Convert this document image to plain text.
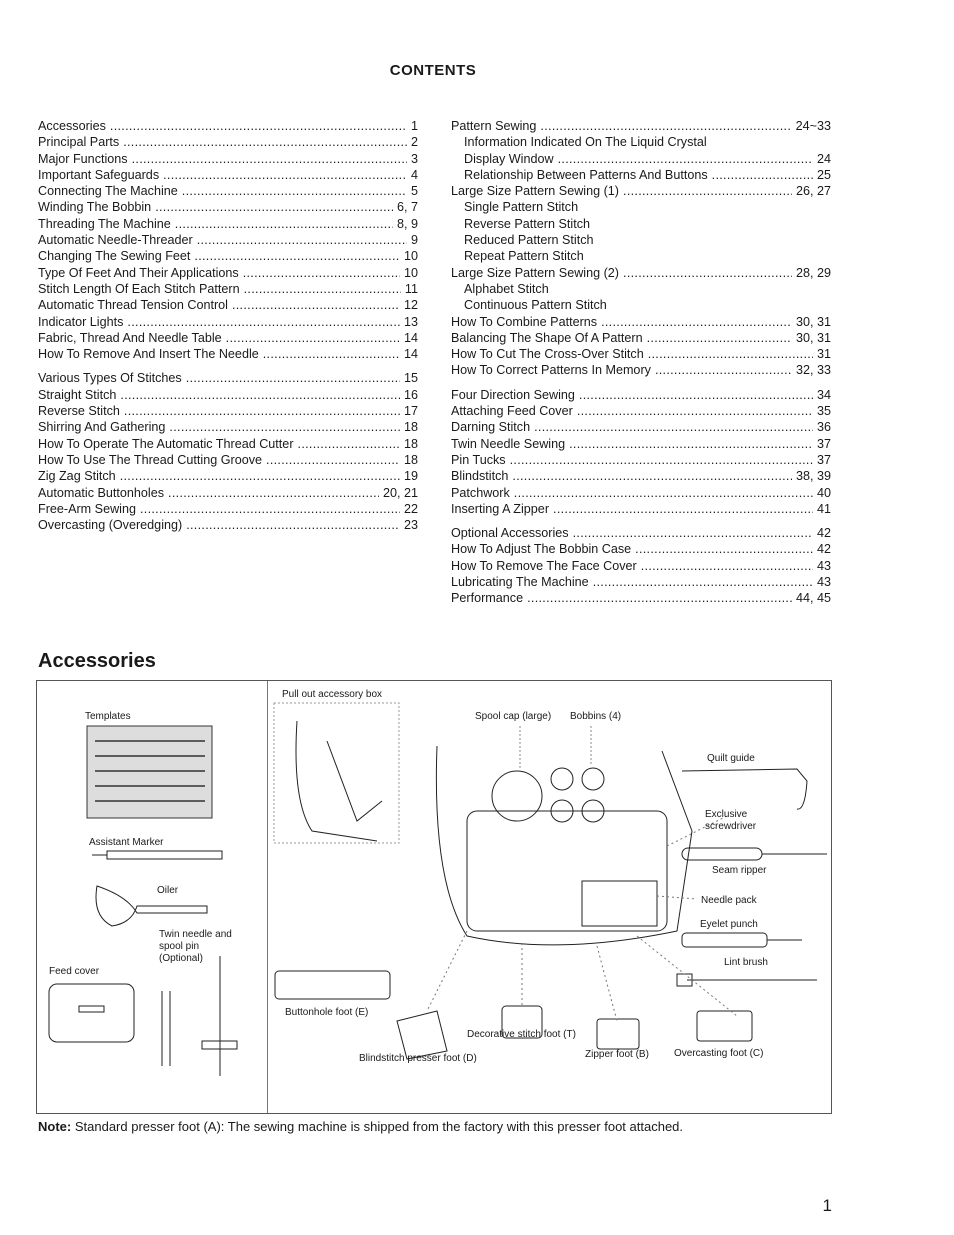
CONTENTS
Accessories .....	1
Principal Parts .....	2
Major Functions .....	3
Important Safeguards .....	4
Connecting The Machine .....	5
Winding The Bobbin .....	6, 7
Threading The Machine .....	8, 9
Automatic Needle-Threader .....	9
Changing The Sewing Feet .....	10
Type Of Feet And Their Applications .....	10
Stitch Length Of Each Stitch Pattern .....	11
Automatic Thread Tension Control .....	12
Indicator Lights .....	13
Fabric, Thread And Needle Table .....	14
How To Remove And Insert The Needle .....	14
Various Types Of Stitches .....	15
Straight Stitch .....	16
Reverse Stitch .....	17
Shirring And Gathering .....	18
How To Operate The Automatic Thread Cutter .....	18
How To Use The Thread Cutting Groove .....	18
Zig Zag Stitch .....	19
Automatic Buttonholes .....	20, 21
Free-Arm Sewing .....	22
Overcasting (Overedging) .....	23
Pattern Sewing .....	24~33
Information Indicated On The Liquid Crystal
Display Window .....	24
Relationship Between Patterns And Buttons .....	25
Large Size Pattern Sewing (1) .....	26, 27
Single Pattern Stitch
Reverse Pattern Stitch
Reduced Pattern Stitch
Repeat Pattern Stitch
Large Size Pattern Sewing (2) .....	28, 29
Alphabet Stitch
Continuous Pattern Stitch
How To Combine Patterns .....	30, 31
Balancing The Shape Of A Pattern .....	30, 31
How To Cut The Cross-Over Stitch .....	31
How To Correct Patterns In Memory .....	32, 33
Four Direction Sewing .....	34
Attaching Feed Cover .....	35
Darning Stitch .....	36
Twin Needle Sewing .....	37
Pin Tucks .....	37
Blindstitch .....	38, 39
Patchwork .....	40
Inserting A Zipper .....	41
Optional Accessories .....	42
How To Adjust The Bobbin Case .....	42
How To Remove The Face Cover .....	43
Lubricating The Machine .....	43
Performance .....	44, 45
Accessories
Templates
Assistant Marker
Oiler
Twin needle and
spool pin
(Optional)
Feed cover
Pull out accessory box
Spool cap (large) Bobbins (4)
Quilt guide
Exclusive
screwdriver
Seam ripper
Needle pack
Eyelet punch
Lint brush
Buttonhole foot (E)
Decorative stitch foot (T)
Blindstitch presser foot (D)	Zipper foot (B)	Overcasting foot (C)
Note: Standard presser foot (A): The sewing machine is shipped from the factory with this presser foot attached.
1
